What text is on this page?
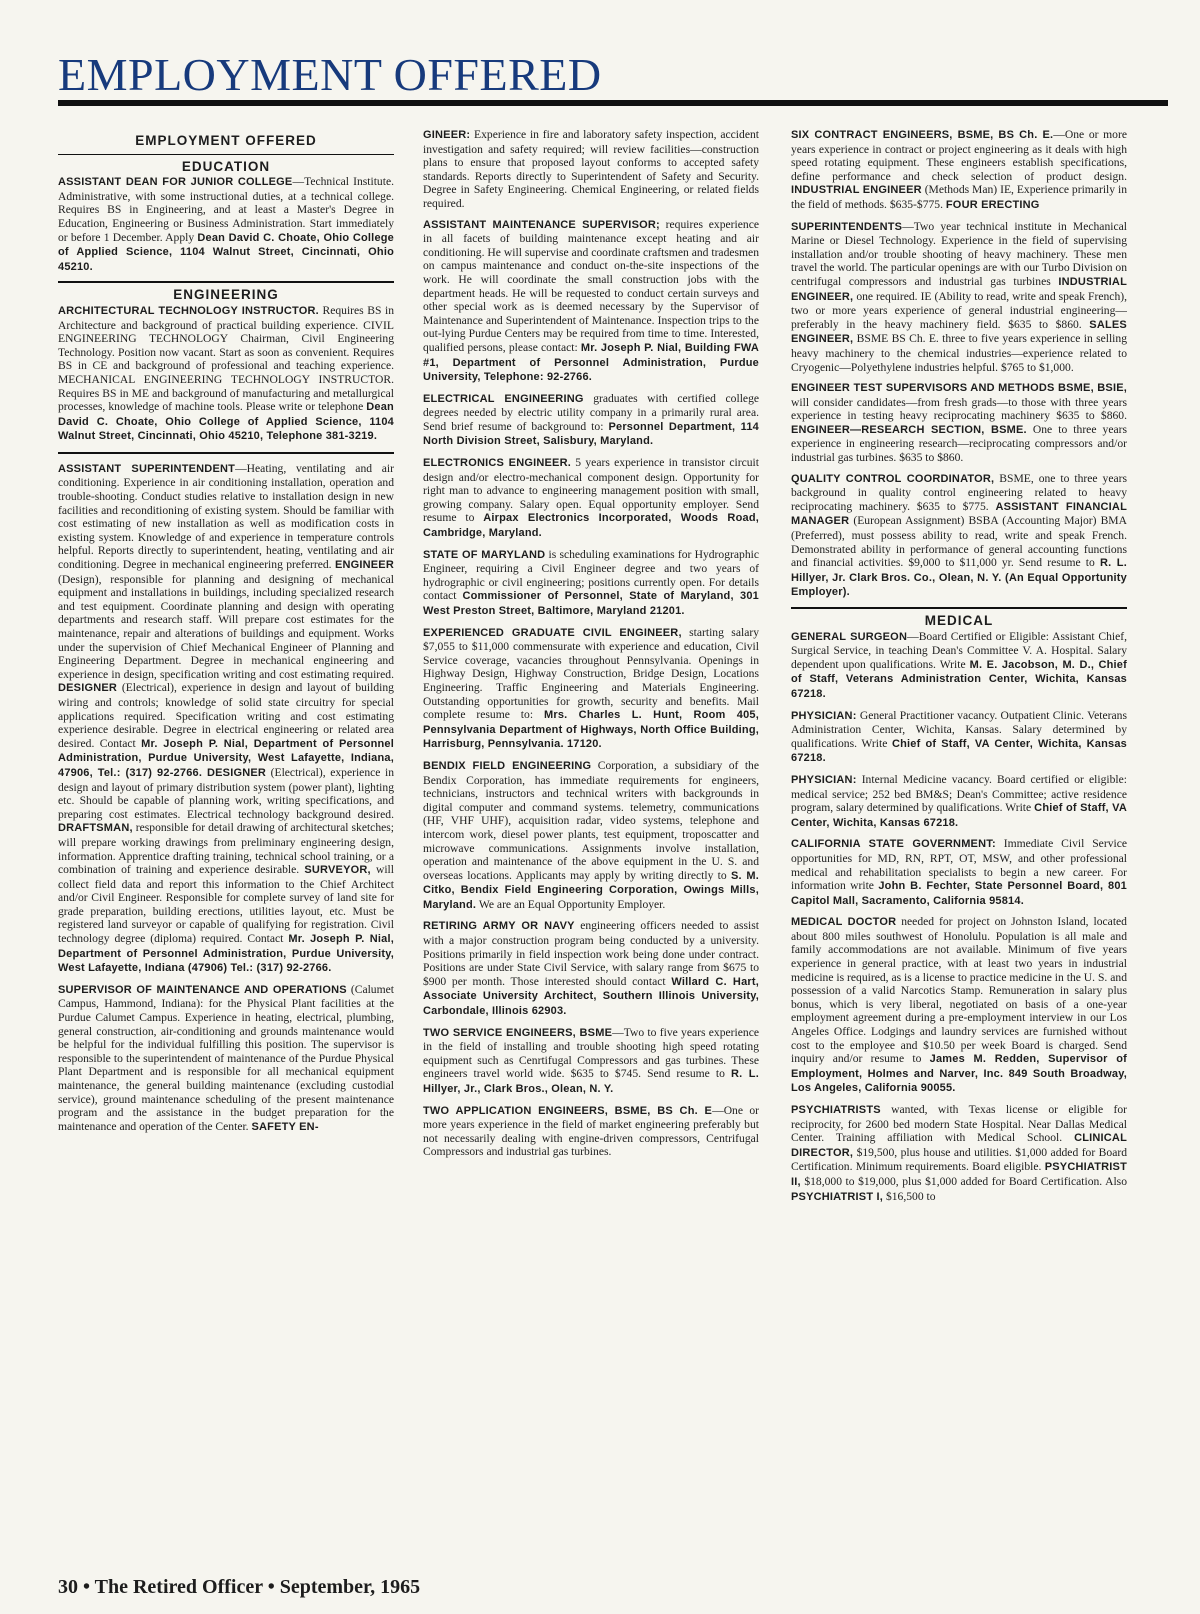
EMPLOYMENT OFFERED
EMPLOYMENT OFFERED
EDUCATION

ASSISTANT DEAN FOR JUNIOR COLLEGE—Technical Institute. Administrative, with some instructional duties, at a technical college. Requires BS in Engineering, and at least a Master's Degree in Education, Engineering or Business Administration. Start immediately or before 1 December. Apply Dean David C. Choate, Ohio College of Applied Science, 1104 Walnut Street, Cincinnati, Ohio 45210.

ENGINEERING

ARCHITECTURAL TECHNOLOGY INSTRUCTOR. Requires BS in Architecture and background of practical building experience. CIVIL ENGINEERING TECHNOLOGY Chairman, Civil Engineering Technology. Position now vacant. Start as soon as convenient. Requires BS in CE and background of professional and teaching experience. MECHANICAL ENGINEERING TECHNOLOGY INSTRUCTOR. Requires BS in ME and background of manufacturing and metallurgical processes, knowledge of machine tools. Please write or telephone Dean David C. Choate, Ohio College of Applied Science, 1104 Walnut Street, Cincinnati, Ohio 45210, Telephone 381-3219.

ASSISTANT SUPERINTENDENT—Heating, ventilating and air conditioning. Experience in air conditioning installation, operation and trouble-shooting. Conduct studies relative to installation design in new facilities and reconditioning of existing system. Should be familiar with cost estimating of new installation as well as modification costs in existing system. Knowledge of and experience in temperature controls helpful. Reports directly to superintendent, heating, ventilating and air conditioning. Degree in mechanical engineering preferred. ENGINEER (Design), responsible for planning and designing of mechanical equipment and installations in buildings, including specialized research and test equipment. Coordinate planning and design with operating departments and research staff. Will prepare cost estimates for the maintenance, repair and alterations of buildings and equipment. Works under the supervision of Chief Mechanical Engineer of Planning and Engineering Department. Degree in mechanical engineering and experience in design, specification writing and cost estimating required. DESIGNER (Electrical), experience in design and layout of building wiring and controls; knowledge of solid state circuitry for special applications required. Specification writing and cost estimating experience desirable. Degree in electrical engineering or related area desired. Contact Mr. Joseph P. Nial, Department of Personnel Administration, Purdue University, West Lafayette, Indiana, 47906, Tel.: (317) 92-2766. DESIGNER (Electrical), experience in design and layout of primary distribution system (power plant), lighting etc. Should be capable of planning work, writing specifications, and preparing cost estimates. Electrical technology background desired. DRAFTSMAN, responsible for detail drawing of architectural sketches; will prepare working drawings from preliminary engineering design, information. Apprentice drafting training, technical school training, or a combination of training and experience desirable. SURVEYOR, will collect field data and report this information to the Chief Architect and/or Civil Engineer. Responsible for complete survey of land site for grade preparation, building erections, utilities layout, etc. Must be registered land surveyor or capable of qualifying for registration. Civil technology degree (diploma) required. Contact Mr. Joseph P. Nial, Department of Personnel Administration, Purdue University, West Lafayette, Indiana (47906) Tel.: (317) 92-2766.

SUPERVISOR OF MAINTENANCE AND OPERATIONS (Calumet Campus, Hammond, Indiana): for the Physical Plant facilities at the Purdue Calumet Campus. Experience in heating, electrical, plumbing, general construction, air-conditioning and grounds maintenance would be helpful for the individual fulfilling this position. The supervisor is responsible to the superintendent of maintenance of the Purdue Physical Plant Department and is responsible for all mechanical equipment maintenance, the general building maintenance (excluding custodial service), ground maintenance scheduling of the present maintenance program and the assistance in the budget preparation for the maintenance and operation of the Center. SAFETY EN-

GINEER: Experience in fire and laboratory safety inspection, accident investigation and safety required; will review facilities—construction plans to ensure that proposed layout conforms to accepted safety standards. Reports directly to Superintendent of Safety and Security. Degree in Safety Engineering. Chemical Engineering, or related fields required.

ASSISTANT MAINTENANCE SUPERVISOR; requires experience in all facets of building maintenance except heating and air conditioning. He will supervise and coordinate craftsmen and tradesmen on campus maintenance and conduct on-the-site inspections of the work. He will coordinate the small construction jobs with the department heads. He will be requested to conduct certain surveys and other special work as is deemed necessary by the Supervisor of Maintenance and Superintendent of Maintenance. Inspection trips to the out-lying Purdue Centers may be required from time to time. Interested, qualified persons, please contact: Mr. Joseph P. Nial, Building FWA #1, Department of Personnel Administration, Purdue University, Telephone: 92-2766.

ELECTRICAL ENGINEERING graduates with certified college degrees needed by electric utility company in a primarily rural area. Send brief resume of background to: Personnel Department, 114 North Division Street, Salisbury, Maryland.

ELECTRONICS ENGINEER. 5 years experience in transistor circuit design and/or electro-mechanical component design. Opportunity for right man to advance to engineering management position with small, growing company. Salary open. Equal opportunity employer. Send resume to Airpax Electronics Incorporated, Woods Road, Cambridge, Maryland.

STATE OF MARYLAND is scheduling examinations for Hydrographic Engineer, requiring a Civil Engineer degree and two years of hydrographic or civil engineering; positions currently open. For details contact Commissioner of Personnel, State of Maryland, 301 West Preston Street, Baltimore, Maryland 21201.

EXPERIENCED GRADUATE CIVIL ENGINEER, starting salary $7,055 to $11,000 commensurate with experience and education, Civil Service coverage, vacancies throughout Pennsylvania. Openings in Highway Design, Highway Construction, Bridge Design, Locations Engineering. Traffic Engineering and Materials Engineering. Outstanding opportunities for growth, security and benefits. Mail complete resume to: Mrs. Charles L. Hunt, Room 405, Pennsylvania Department of Highways, North Office Building, Harrisburg, Pennsylvania. 17120.

BENDIX FIELD ENGINEERING Corporation, a subsidiary of the Bendix Corporation, has immediate requirements for engineers, technicians, instructors and technical writers with backgrounds in digital computer and command systems. telemetry, communications (HF, VHF UHF), acquisition radar, video systems, telephone and intercom work, diesel power plants, test equipment, troposcatter and microwave communications. Assignments involve installation, operation and maintenance of the above equipment in the U. S. and overseas locations. Applicants may apply by writing directly to S. M. Citko, Bendix Field Engineering Corporation, Owings Mills, Maryland. We are an Equal Opportunity Employer.

RETIRING ARMY OR NAVY engineering officers needed to assist with a major construction program being conducted by a university. Positions primarily in field inspection work being done under contract. Positions are under State Civil Service, with salary range from $675 to $900 per month. Those interested should contact Willard C. Hart, Associate University Architect, Southern Illinois University, Carbondale, Illinois 62903.

TWO SERVICE ENGINEERS, BSME—Two to five years experience in the field of installing and trouble shooting high speed rotating equipment such as Cenrtifugal Compressors and gas turbines. These engineers travel world wide. $635 to $745. Send resume to R. L. Hillyer, Jr., Clark Bros., Olean, N. Y.

TWO APPLICATION ENGINEERS, BSME, BS Ch. E—One or more years experience in the field of market engineering preferably but not necessarily dealing with engine-driven compressors, Centrifugal Compressors and industrial gas turbines.

SIX CONTRACT ENGINEERS, BSME, BS Ch. E.—One or more years experience in contract or project engineering as it deals with high speed rotating equipment. These engineers establish specifications, define performance and check selection of product design. INDUSTRIAL ENGINEER (Methods Man) IE, Experience primarily in the field of methods. $635-$775. FOUR ERECTING

SUPERINTENDENTS—Two year technical institute in Mechanical Marine or Diesel Technology. Experience in the field of supervising installation and/or trouble shooting of heavy machinery. These men travel the world. The particular openings are with our Turbo Division on centrifugal compressors and industrial gas turbines INDUSTRIAL ENGINEER, one required. IE (Ability to read, write and speak French), two or more years experience of general industrial engineering—preferably in the heavy machinery field. $635 to $860. SALES ENGINEER, BSME BS Ch. E. three to five years experience in selling heavy machinery to the chemical industries—experience related to Cryogenic—Polyethylene industries helpful. $765 to $1,000.

ENGINEER TEST SUPERVISORS AND METHODS BSME, BSIE, will consider candidates—from fresh grads—to those with three years experience in testing heavy reciprocating machinery $635 to $860. ENGINEER—RESEARCH SECTION, BSME. One to three years experience in engineering research—reciprocating compressors and/or industrial gas turbines. $635 to $860.

QUALITY CONTROL COORDINATOR, BSME, one to three years background in quality control engineering related to heavy reciprocating machinery. $635 to $775. ASSISTANT FINANCIAL MANAGER (European Assignment) BSBA (Accounting Major) BMA (Preferred), must possess ability to read, write and speak French. Demonstrated ability in performance of general accounting functions and financial activities. $9,000 to $11,000 yr. Send resume to R. L. Hillyer, Jr. Clark Bros. Co., Olean, N. Y. (An Equal Opportunity Employer).

MEDICAL

GENERAL SURGEON—Board Certified or Eligible: Assistant Chief, Surgical Service, in teaching Dean's Committee V. A. Hospital. Salary dependent upon qualifications. Write M. E. Jacobson, M. D., Chief of Staff, Veterans Administration Center, Wichita, Kansas 67218.

PHYSICIAN: General Practitioner vacancy. Outpatient Clinic. Veterans Administration Center, Wichita, Kansas. Salary determined by qualifications. Write Chief of Staff, VA Center, Wichita, Kansas 67218.

PHYSICIAN: Internal Medicine vacancy. Board certified or eligible: medical service; 252 bed BM&S; Dean's Committee; active residence program, salary determined by qualifications. Write Chief of Staff, VA Center, Wichita, Kansas 67218.

CALIFORNIA STATE GOVERNMENT: Immediate Civil Service opportunities for MD, RN, RPT, OT, MSW, and other professional medical and rehabilitation specialists to begin a new career. For information write John B. Fechter, State Personnel Board, 801 Capitol Mall, Sacramento, California 95814.

MEDICAL DOCTOR needed for project on Johnston Island, located about 800 miles southwest of Honolulu. Population is all male and family accommodations are not available. Minimum of five years experience in general practice, with at least two years in industrial medicine is required, as is a license to practice medicine in the U. S. and possession of a valid Narcotics Stamp. Remuneration in salary plus bonus, which is very liberal, negotiated on basis of a one-year employment agreement during a pre-employment interview in our Los Angeles Office. Lodgings and laundry services are furnished without cost to the employee and $10.50 per week Board is charged. Send inquiry and/or resume to James M. Redden, Supervisor of Employment, Holmes and Narver, Inc. 849 South Broadway, Los Angeles, California 90055.

PSYCHIATRISTS wanted, with Texas license or eligible for reciprocity, for 2600 bed modern State Hospital. Near Dallas Medical Center. Training affiliation with Medical School. CLINICAL DIRECTOR, $19,500, plus house and utilities. $1,000 added for Board Certification. Minimum requirements. Board eligible. PSYCHIATRIST II, $18,000 to $19,000, plus $1,000 added for Board Certification. Also PSYCHIATRIST I, $16,500 to

30 • The Retired Officer • September, 1965
